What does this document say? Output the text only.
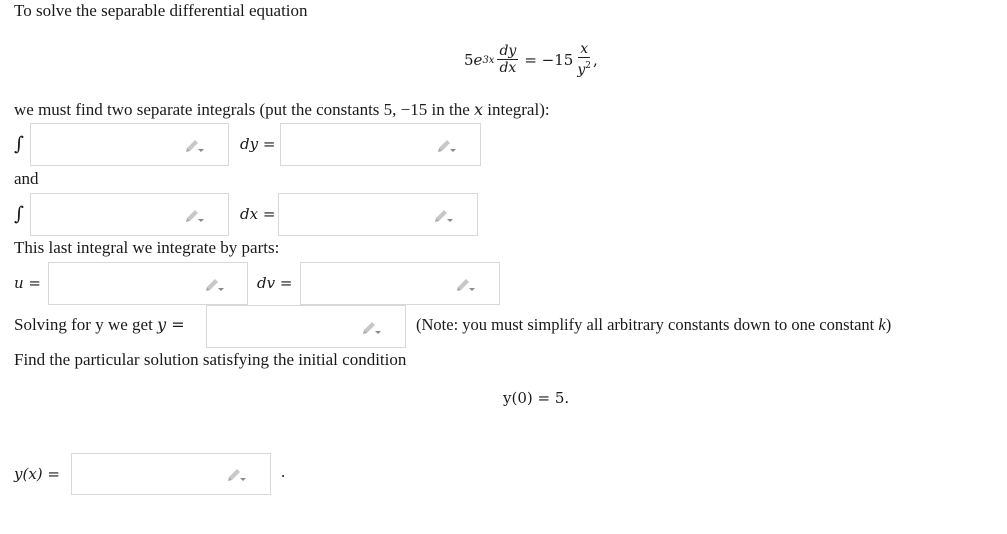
To solve the separable differential equation
5 e $3x \frac{dy}{dx} = -15 \frac{x}{y^2}$ ,
we must find two separate integrals (put the constants 5, −15 in the x integral):
∫	dy =
and
∫	dx =
This last integral we integrate by parts:
u =	dv =
Solving for y we get y =	(Note: you must simplify all arbitrary constants down to one constant k)
Find the particular solution satisfying the initial condition
y(0) = 5.
y(x) =	.
